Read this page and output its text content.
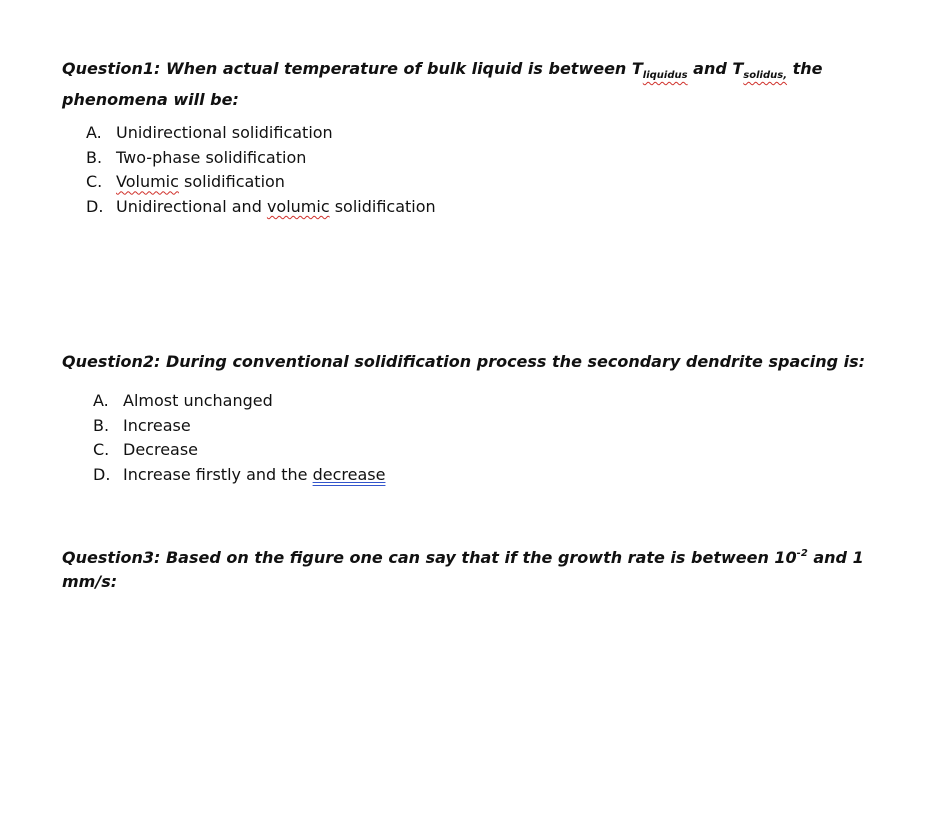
Question1: When actual temperature of bulk liquid is between $T_{liquidus}$ and $T_{solidus,}$ the phenomena will be:

A. Unidirectional solidification
B. Two-phase solidification
C. Volumic solidification
D. Unidirectional and volumic solidification

Question2: During conventional solidification process the secondary dendrite spacing is:

A. Almost unchanged
B. Increase
C. Decrease
D. Increase firstly and the decrease

Question3: Based on the figure one can say that if the growth rate is between $10^{-2}$ and 1 mm/s:
